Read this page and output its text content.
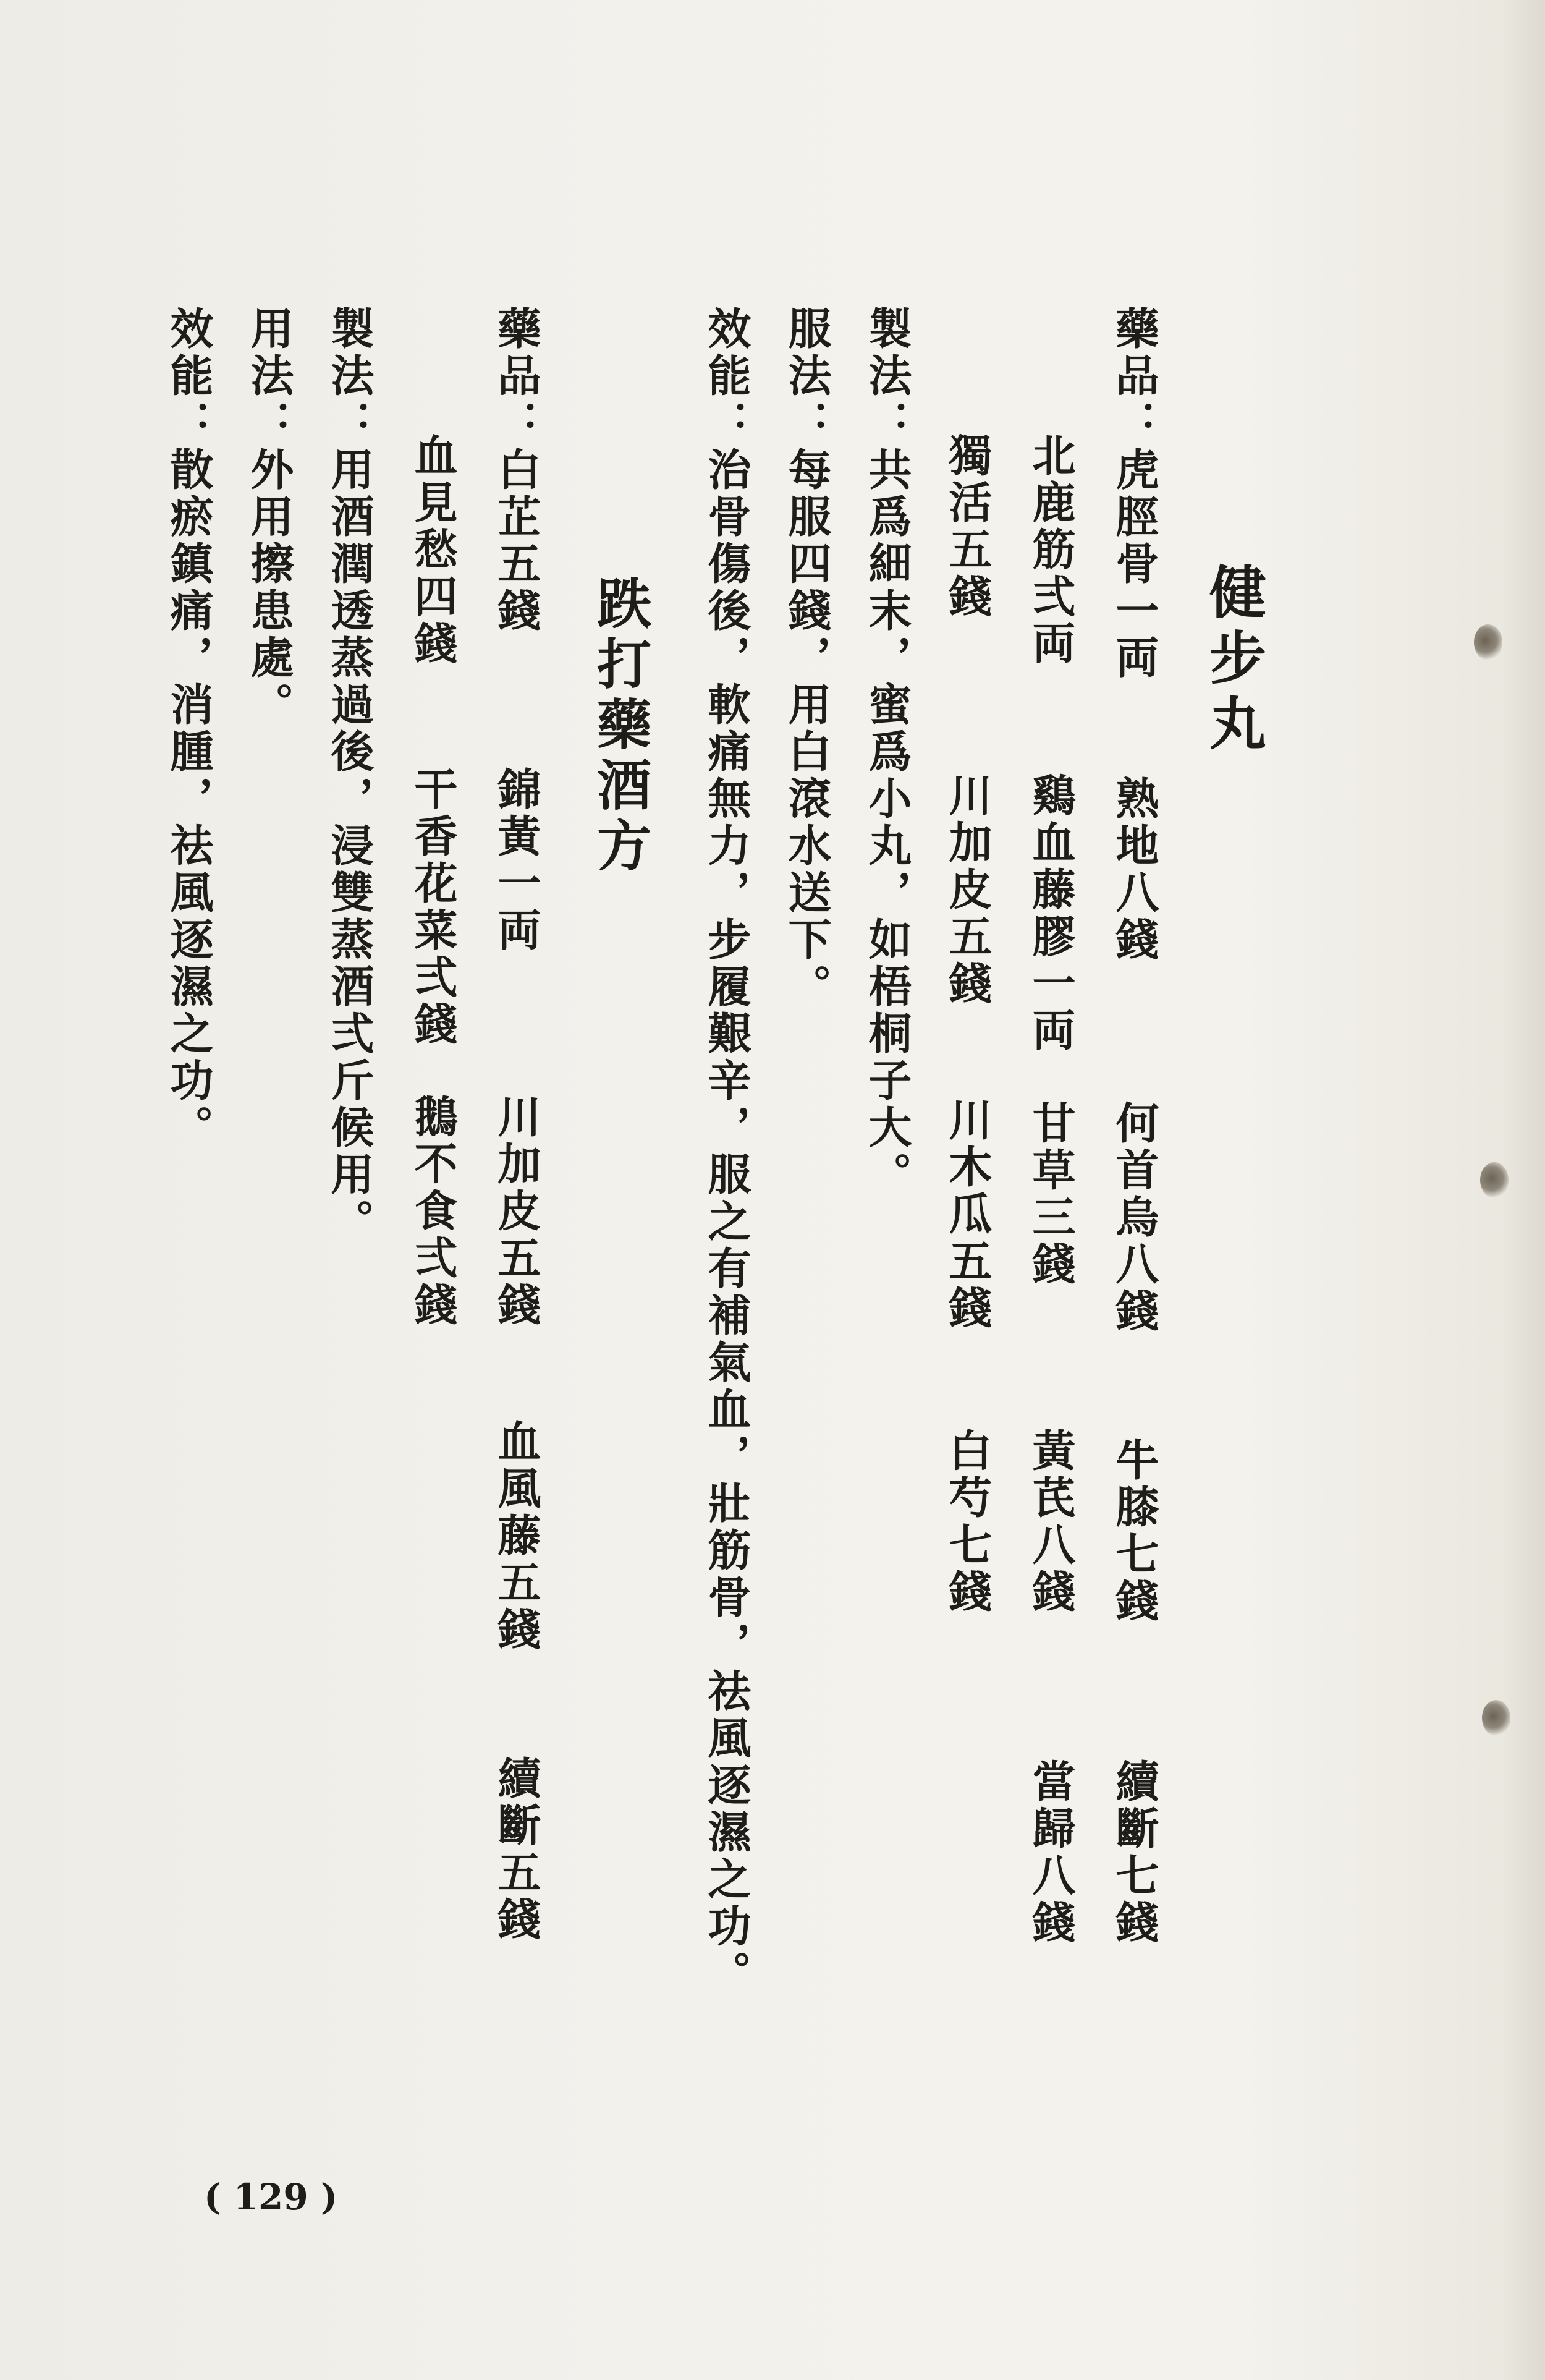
健步丸
藥品：虎脛骨一両
熟地八錢
何首烏八錢
牛膝七錢
續斷七錢
北鹿筋弍両
鷄血藤膠一両
甘草三錢
黃芪八錢
當歸八錢
獨活五錢
川加皮五錢
川木瓜五錢
白芍七錢
製法：共爲細末，蜜爲小丸，如梧桐子大。
服法：每服四錢，用白滾水送下。
效能：治骨傷後，軟痛無力，步履艱辛，服之有補氣血，壯筋骨，祛風逐濕之功。
跌打藥酒方
藥品：白芷五錢
錦黃一両
川加皮五錢
血風藤五錢
續斷五錢
血見愁四錢
干香花菜弍錢
鵝不食弍錢
製法：用酒潤透蒸過後，浸雙蒸酒弍斤候用。
用法：外用擦患處。
效能：散瘀鎮痛，消腫，祛風逐濕之功。
( 129 )
